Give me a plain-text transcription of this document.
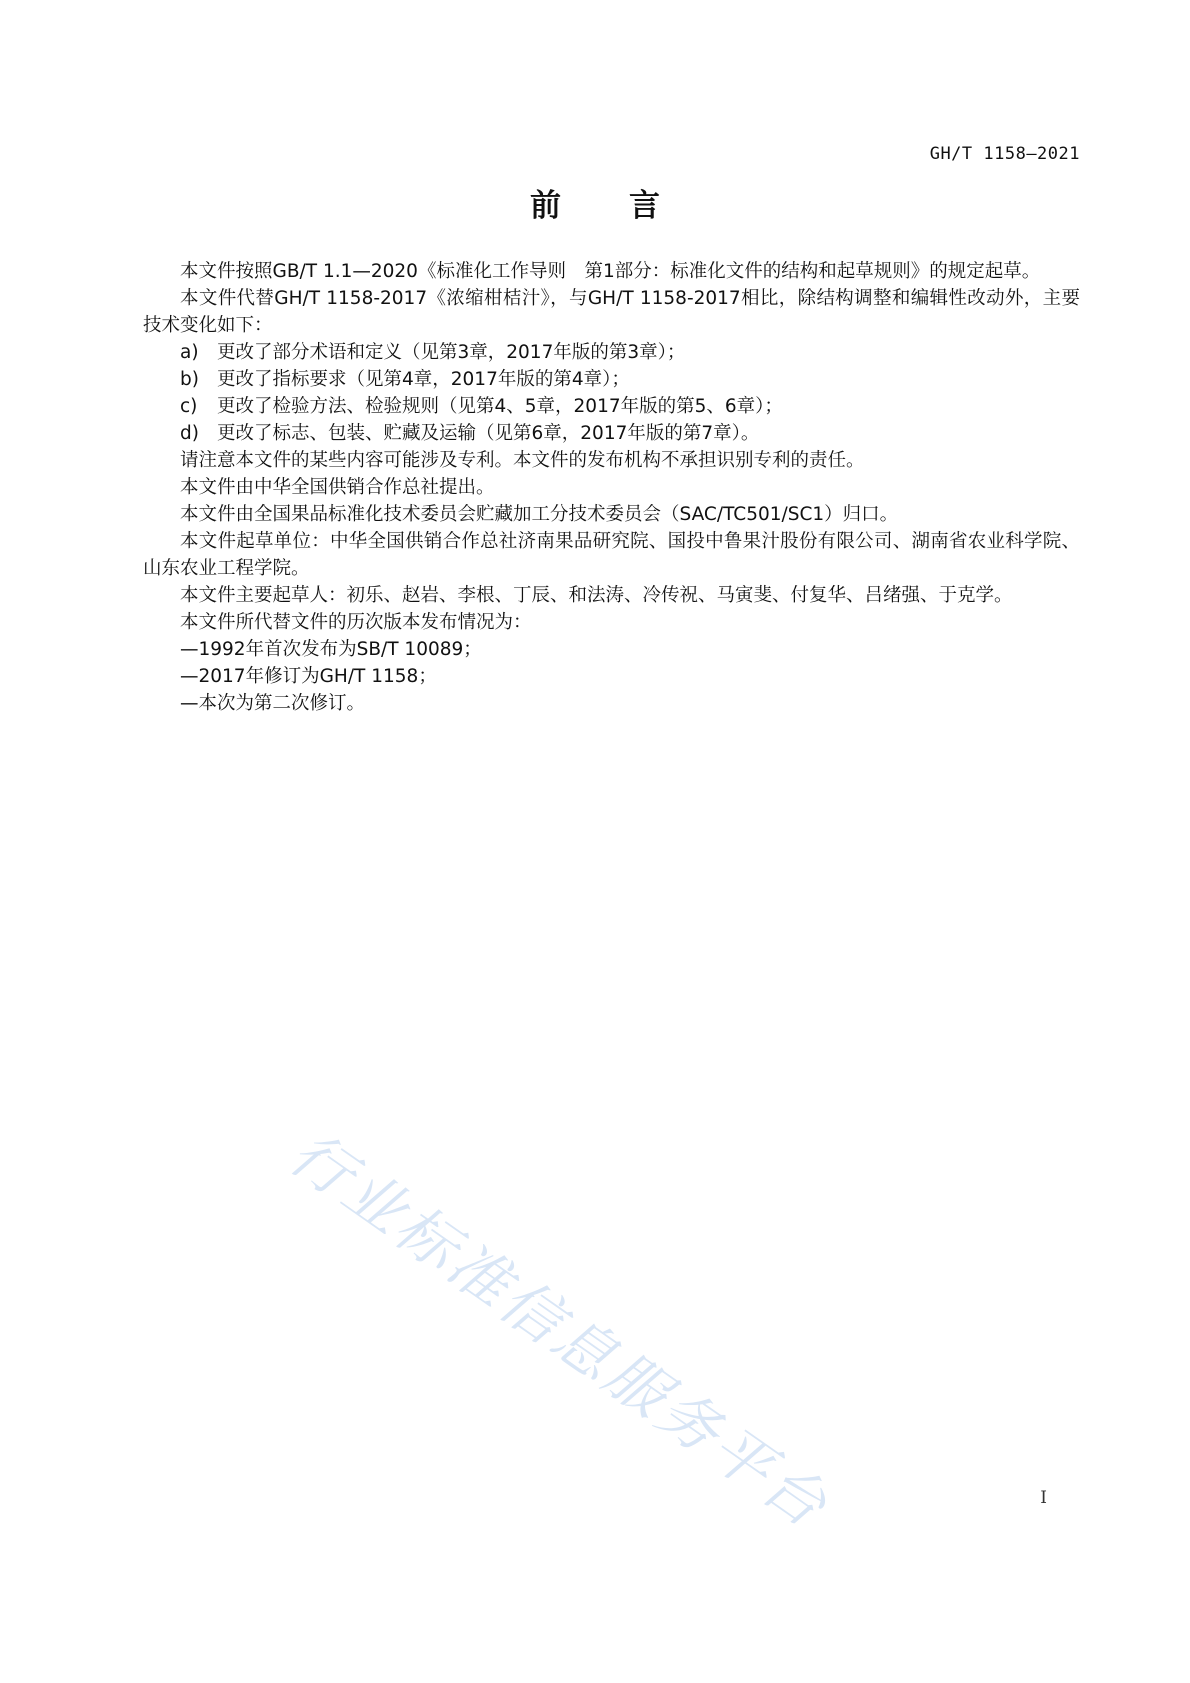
GH/T 1158—2021
前 言

本文件按照GB/T 1.1—2020《标准化工作导则　第1部分：标准化文件的结构和起草规则》的规定起草。

本文件代替GH/T 1158-2017《浓缩柑桔汁》，与GH/T 1158-2017相比，除结构调整和编辑性改动外，主要技术变化如下：

a) 更改了部分术语和定义（见第3章，2017年版的第3章）；
b) 更改了指标要求（见第4章，2017年版的第4章）；
c)	更改了检验方法、检验规则（见第4、5章，2017年版的第5、6章）；
d) 更改了标志、包装、贮藏及运输（见第6章，2017年版的第7章）。

请注意本文件的某些内容可能涉及专利。本文件的发布机构不承担识别专利的责任。

本文件由中华全国供销合作总社提出。

本文件由全国果品标准化技术委员会贮藏加工分技术委员会（SAC/TC501/SC1）归口。

本文件起草单位：中华全国供销合作总社济南果品研究院、国投中鲁果汁股份有限公司、湖南省农业科学院、山东农业工程学院。

本文件主要起草人：初乐、赵岩、李根、丁辰、和法涛、冷传祝、马寅斐、付复华、吕绪强、于克学。

本文件所代替文件的历次版本发布情况为：

—1992年首次发布为SB/T 10089；

—2017年修订为GH/T 1158；

—本次为第二次修订。

行业标准信息服务平台	I
